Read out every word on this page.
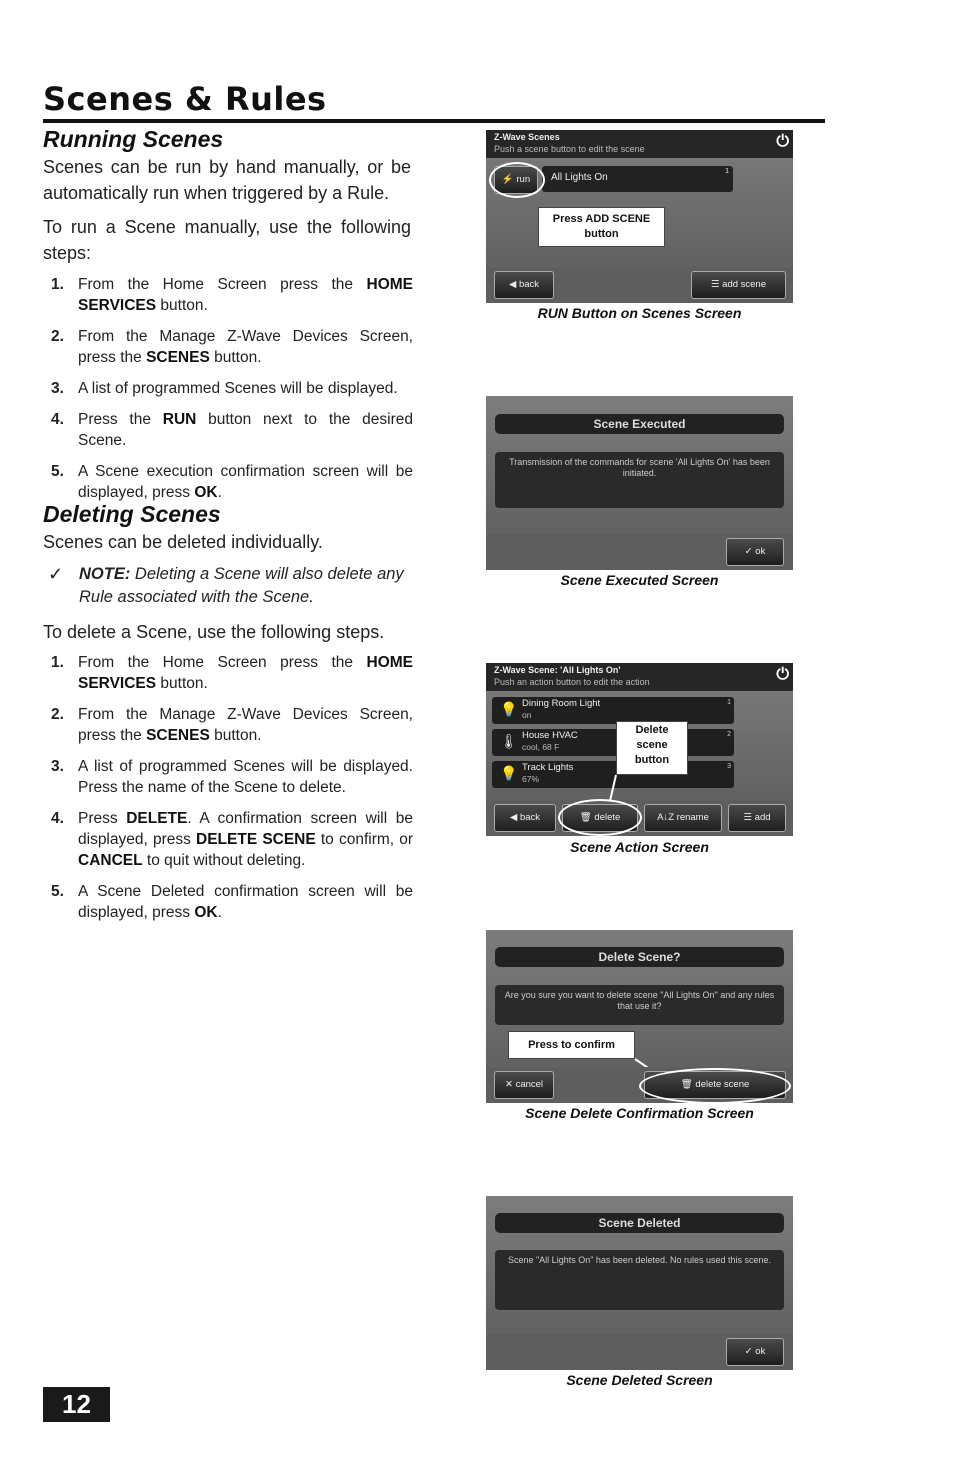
Scenes & Rules
Running Scenes
Scenes can be run by hand manually, or be automatically run when triggered by a Rule.
To run a Scene manually, use the following steps:
1. From the Home Screen press the HOME SERVICES button.
2. From the Manage Z-Wave Devices Screen, press the SCENES button.
3. A list of programmed Scenes will be displayed.
4. Press the RUN button next to the desired Scene.
5. A Scene execution confirmation screen will be displayed, press OK.
Deleting Scenes
Scenes can be deleted individually.
✓ NOTE: Deleting a Scene will also delete any Rule associated with the Scene.
To delete a Scene, use the following steps.
1. From the Home Screen press the HOME SERVICES button.
2. From the Manage Z-Wave Devices Screen, press the SCENES button.
3. A list of programmed Scenes will be displayed. Press the name of the Scene to delete.
4. Press DELETE. A confirmation screen will be displayed, press DELETE SCENE to confirm, or CANCEL to quit without deleting.
5. A Scene Deleted confirmation screen will be displayed, press OK.
12
Z-Wave Scenes
Push a scene button to edit the scene	⏻
⚡ run	All Lights On
1
Press ADD SCENE button
◀ back	☰ add scene
RUN Button on Scenes Screen
Scene Executed
Transmission of the commands for scene 'All Lights On' has been initiated.
✓ ok
Scene Executed Screen
Z-Wave Scene: 'All Lights On'
Push an action button to edit the action	⏻
💡 Dining Room Light
on
1
🌡 House HVAC
cool, 68 F
2
💡 Track Lights
67%
3
Delete scene button
◀ back	🗑 delete	A↓Z rename	☰ add
Scene Action Screen
Delete Scene?
Are you sure you want to delete scene "All Lights On" and any rules that use it?
Press to confirm
✕ cancel	🗑 delete scene
Scene Delete Confirmation Screen
Scene Deleted
Scene "All Lights On" has been deleted. No rules used this scene.
✓ ok
Scene Deleted Screen
